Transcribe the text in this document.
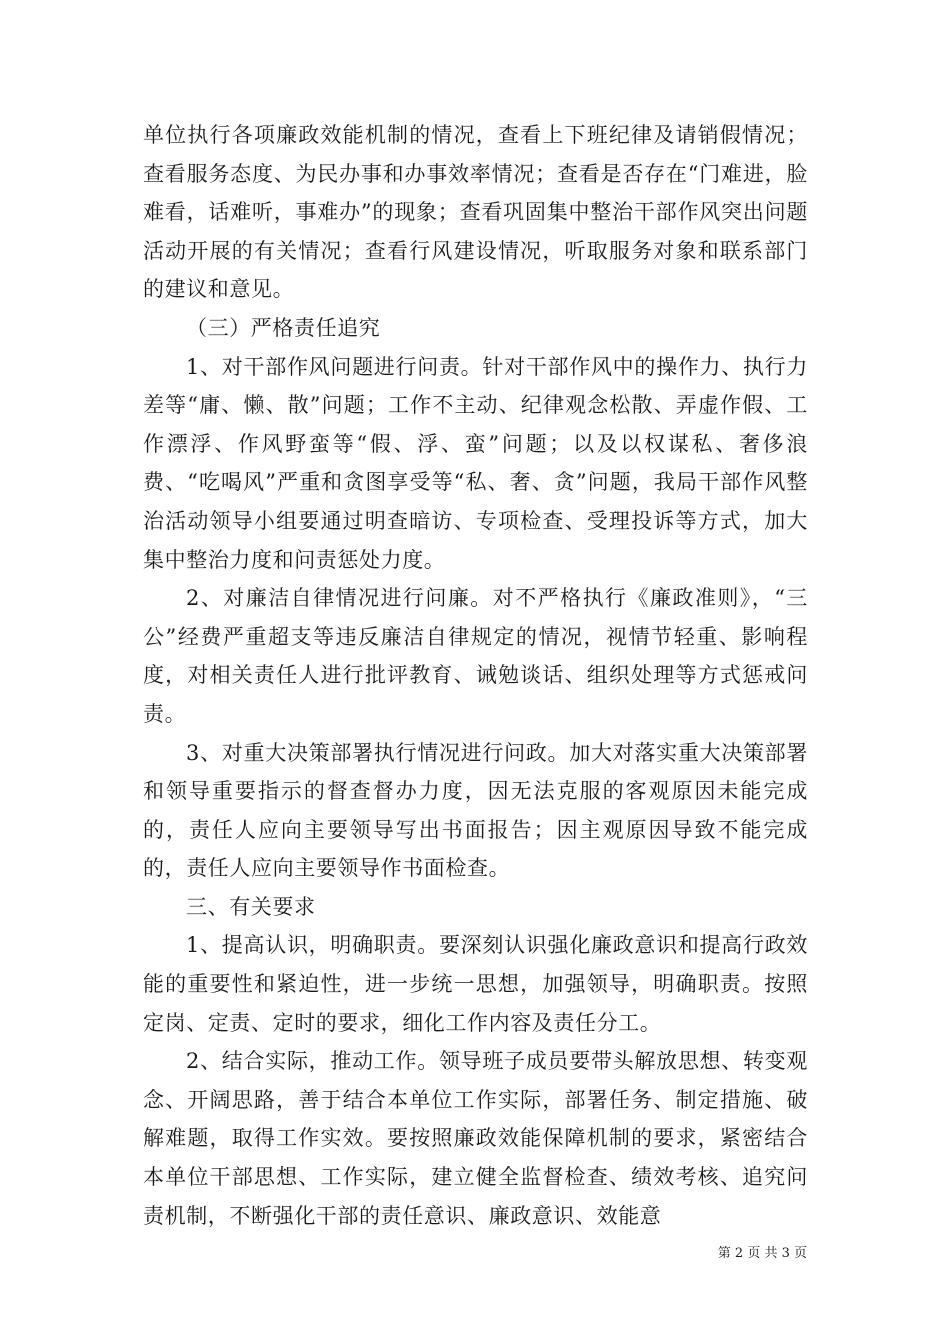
单位执行各项廉政效能机制的情况，查看上下班纪律及请销假情况；查看服务态度、为民办事和办事效率情况；查看是否存在“门难进，脸难看，话难听，事难办”的现象；查看巩固集中整治干部作风突出问题活动开展的有关情况；查看行风建设情况，听取服务对象和联系部门的建议和意见。

（三）严格责任追究

1、对干部作风问题进行问责。针对干部作风中的操作力、执行力差等“庸、懒、散”问题；工作不主动、纪律观念松散、弄虚作假、工作漂浮、作风野蛮等“假、浮、蛮”问题；以及以权谋私、奢侈浪费、“吃喝风”严重和贪图享受等“私、奢、贪”问题，我局干部作风整治活动领导小组要通过明查暗访、专项检查、受理投诉等方式，加大集中整治力度和问责惩处力度。

2、对廉洁自律情况进行问廉。对不严格执行《廉政准则》，“三公”经费严重超支等违反廉洁自律规定的情况，视情节轻重、影响程度，对相关责任人进行批评教育、诫勉谈话、组织处理等方式惩戒问责。

3、对重大决策部署执行情况进行问政。加大对落实重大决策部署和领导重要指示的督查督办力度，因无法克服的客观原因未能完成的，责任人应向主要领导写出书面报告；因主观原因导致不能完成的，责任人应向主要领导作书面检查。

三、有关要求

1、提高认识，明确职责。要深刻认识强化廉政意识和提高行政效能的重要性和紧迫性，进一步统一思想，加强领导，明确职责。按照定岗、定责、定时的要求，细化工作内容及责任分工。

2、结合实际，推动工作。领导班子成员要带头解放思想、转变观念、开阔思路，善于结合本单位工作实际，部署任务、制定措施、破解难题，取得工作实效。要按照廉政效能保障机制的要求，紧密结合本单位干部思想、工作实际，建立健全监督检查、绩效考核、追究问责机制，不断强化干部的责任意识、廉政意识、效能意

第 2 页 共 3 页
